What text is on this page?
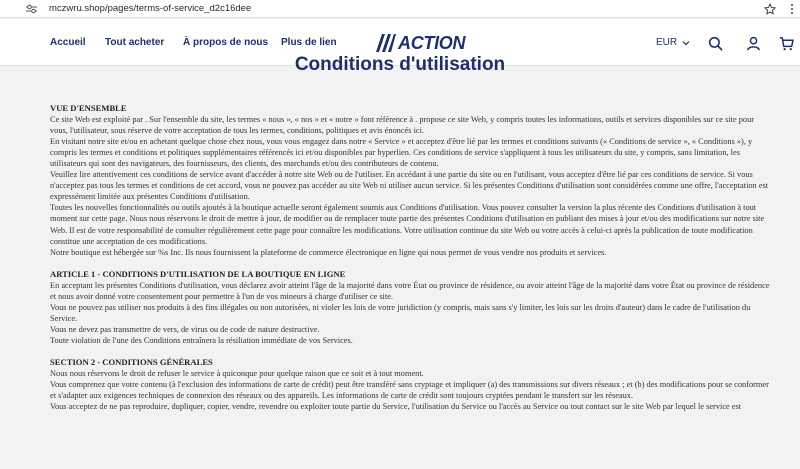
mczwru.shop/pages/terms-of-service_d2c16dee
Accueil Tout acheter À propos de nous Plus de lien	ACTION	EUR
Conditions d'utilisation
VUE D'ENSEMBLE

Ce site Web est exploité par . Sur l'ensemble du site, les termes « nous », « nos » et « notre » font référence à . propose ce site Web, y compris toutes les informations, outils et services disponibles sur ce site pour vous, l'utilisateur, sous réserve de votre acceptation de tous les termes, conditions, politiques et avis énoncés ici.

En visitant notre site et/ou en achetant quelque chose chez nous, vous vous engagez dans notre « Service » et acceptez d'être lié par les termes et conditions suivants (« Conditions de service », « Conditions »), y compris les termes et conditions et politiques supplémentaires référencés ici et/ou disponibles par hyperlien. Ces conditions de service s'appliquent à tous les utilisateurs du site, y compris, sans limitation, les utilisateurs qui sont des navigateurs, des fournisseurs, des clients, des marchands et/ou des contributeurs de contenu.

Veuillez lire attentivement ces conditions de service avant d'accéder à notre site Web ou de l'utiliser. En accédant à une partie du site ou en l'utilisant, vous acceptez d'être lié par ces conditions de service. Si vous n'acceptez pas tous les termes et conditions de cet accord, vous ne pouvez pas accéder au site Web ni utiliser aucun service. Si les présentes Conditions d'utilisation sont considérées comme une offre, l'acceptation est expressément limitée aux présentes Conditions d'utilisation.

Toutes les nouvelles fonctionnalités ou outils ajoutés à la boutique actuelle seront également soumis aux Conditions d'utilisation. Vous pouvez consulter la version la plus récente des Conditions d'utilisation à tout moment sur cette page. Nous nous réservons le droit de mettre à jour, de modifier ou de remplacer toute partie des présentes Conditions d'utilisation en publiant des mises à jour et/ou des modifications sur notre site Web. Il est de votre responsabilité de consulter régulièrement cette page pour connaître les modifications. Votre utilisation continue du site Web ou votre accès à celui-ci après la publication de toute modification constitue une acceptation de ces modifications.

Notre boutique est hébergée sur %s Inc. Ils nous fournissent la plateforme de commerce électronique en ligne qui nous permet de vous vendre nos produits et services.

ARTICLE 1 - CONDITIONS D'UTILISATION DE LA BOUTIQUE EN LIGNE

En acceptant les présentes Conditions d'utilisation, vous déclarez avoir atteint l'âge de la majorité dans votre État ou province de résidence, ou avoir atteint l'âge de la majorité dans votre État ou province de résidence et nous avoir donné votre consentement pour permettre à l'un de vos mineurs à charge d'utiliser ce site.

Vous ne pouvez pas utiliser nos produits à des fins illégales ou non autorisées, ni violer les lois de votre juridiction (y compris, mais sans s'y limiter, les lois sur les droits d'auteur) dans le cadre de l'utilisation du Service.

Vous ne devez pas transmettre de vers, de virus ou de code de nature destructive.

Toute violation de l'une des Conditions entraînera la résiliation immédiate de vos Services.

SECTION 2 - CONDITIONS GÉNÉRALES

Nous nous réservons le droit de refuser le service à quiconque pour quelque raison que ce soit et à tout moment.

Vous comprenez que votre contenu (à l'exclusion des informations de carte de crédit) peut être transféré sans cryptage et impliquer (a) des transmissions sur divers réseaux ; et (b) des modifications pour se conformer et s'adapter aux exigences techniques de connexion des réseaux ou des appareils. Les informations de carte de crédit sont toujours cryptées pendant le transfert sur les réseaux.

Vous acceptez de ne pas reproduire, dupliquer, copier, vendre, revendre ou exploiter toute partie du Service, l'utilisation du Service ou l'accès au Service ou tout contact sur le site Web par lequel le service est
